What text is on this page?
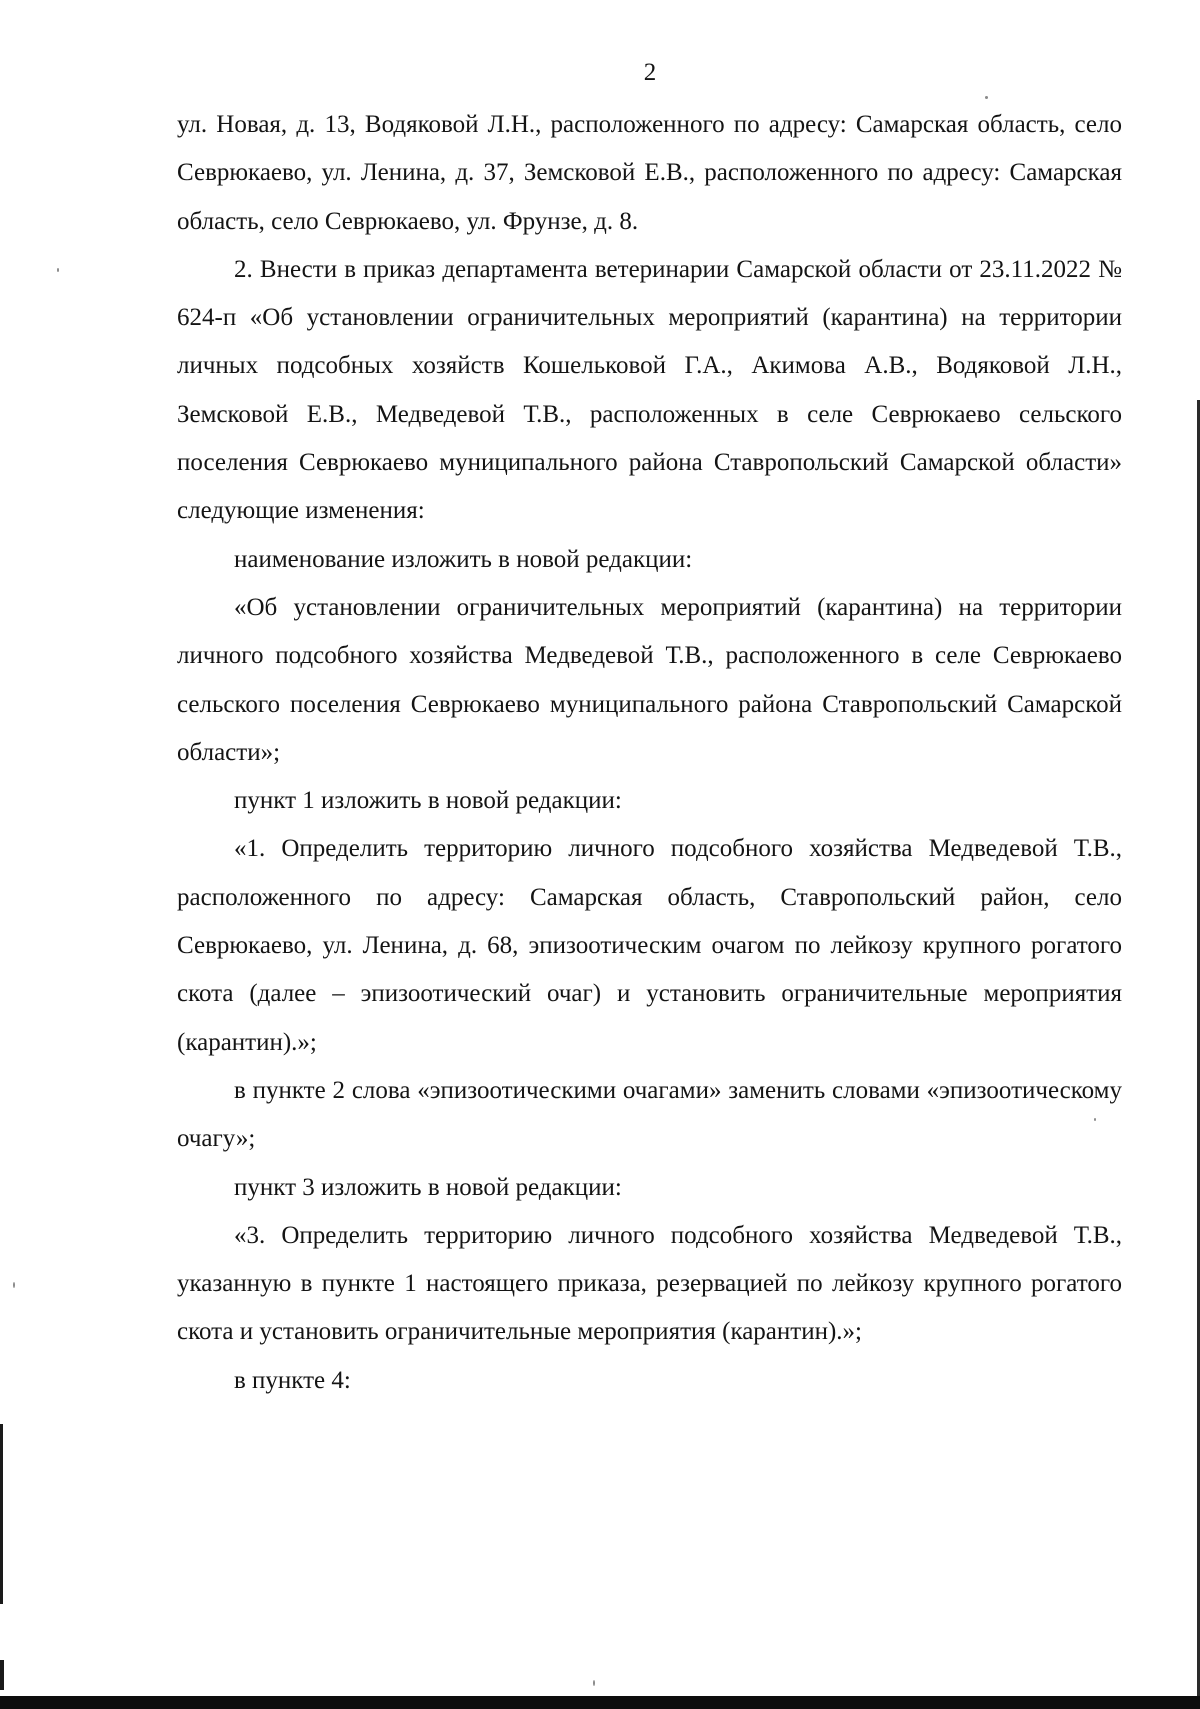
2

ул. Новая, д. 13, Водяковой Л.Н., расположенного по адресу: Самарская область, село Севрюкаево, ул. Ленина, д. 37, Земсковой Е.В., расположенного по адресу: Самарская область, село Севрюкаево, ул. Фрунзе, д. 8.

2. Внести в приказ департамента ветеринарии Самарской области от 23.11.2022 № 624-п «Об установлении ограничительных мероприятий (карантина) на территории личных подсобных хозяйств Кошельковой Г.А., Акимова А.В., Водяковой Л.Н., Земсковой Е.В., Медведевой Т.В., расположенных в селе Севрюкаево сельского поселения Севрюкаево муниципального района Ставропольский Самарской области» следующие изменения:

наименование изложить в новой редакции:

«Об установлении ограничительных мероприятий (карантина) на территории личного подсобного хозяйства Медведевой Т.В., расположенного в селе Севрюкаево сельского поселения Севрюкаево муниципального района Ставропольский Самарской области»;

пункт 1 изложить в новой редакции:

«1. Определить территорию личного подсобного хозяйства Медведевой Т.В., расположенного по адресу: Самарская область, Ставропольский район, село Севрюкаево, ул. Ленина, д. 68, эпизоотическим очагом по лейкозу крупного рогатого скота (далее – эпизоотический очаг) и установить ограничительные мероприятия (карантин).»;

в пункте 2 слова «эпизоотическими очагами» заменить словами «эпизоотическому очагу»;

пункт 3 изложить в новой редакции:

«3. Определить территорию личного подсобного хозяйства Медведевой Т.В., указанную в пункте 1 настоящего приказа, резервацией по лейкозу крупного рогатого скота и установить ограничительные мероприятия (карантин).»;

в пункте 4:
